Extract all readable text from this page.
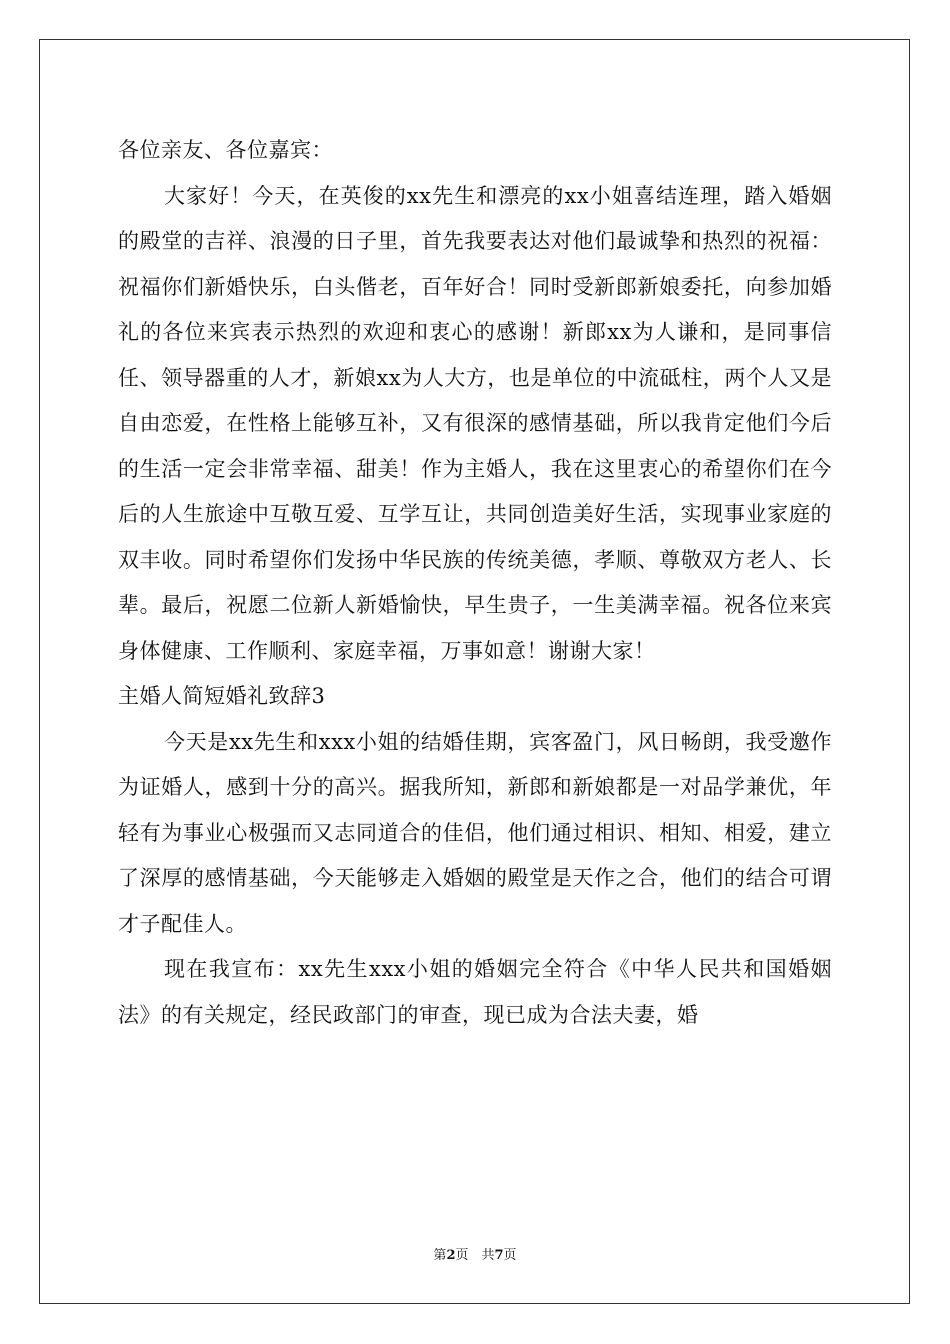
各位亲友、各位嘉宾：

大家好！今天，在英俊的xx先生和漂亮的xx小姐喜结连理，踏入婚姻的殿堂的吉祥、浪漫的日子里，首先我要表达对他们最诚挚和热烈的祝福：祝福你们新婚快乐，白头偕老，百年好合！同时受新郎新娘委托，向参加婚礼的各位来宾表示热烈的欢迎和衷心的感谢！新郎xx为人谦和，是同事信任、领导器重的人才，新娘xx为人大方，也是单位的中流砥柱，两个人又是自由恋爱，在性格上能够互补，又有很深的感情基础，所以我肯定他们今后的生活一定会非常幸福、甜美！作为主婚人，我在这里衷心的希望你们在今后的人生旅途中互敬互爱、互学互让，共同创造美好生活，实现事业家庭的双丰收。同时希望你们发扬中华民族的传统美德，孝顺、尊敬双方老人、长辈。最后，祝愿二位新人新婚愉快，早生贵子，一生美满幸福。祝各位来宾身体健康、工作顺利、家庭幸福，万事如意！谢谢大家！

主婚人简短婚礼致辞3

今天是xx先生和xxx小姐的结婚佳期，宾客盈门，风日畅朗，我受邀作为证婚人，感到十分的高兴。据我所知，新郎和新娘都是一对品学兼优，年轻有为事业心极强而又志同道合的佳侣，他们通过相识、相知、相爱，建立了深厚的感情基础，今天能够走入婚姻的殿堂是天作之合，他们的结合可谓才子配佳人。

现在我宣布：xx先生xxx小姐的婚姻完全符合《中华人民共和国婚姻法》的有关规定，经民政部门的审查，现已成为合法夫妻，婚

第2页　共7页
